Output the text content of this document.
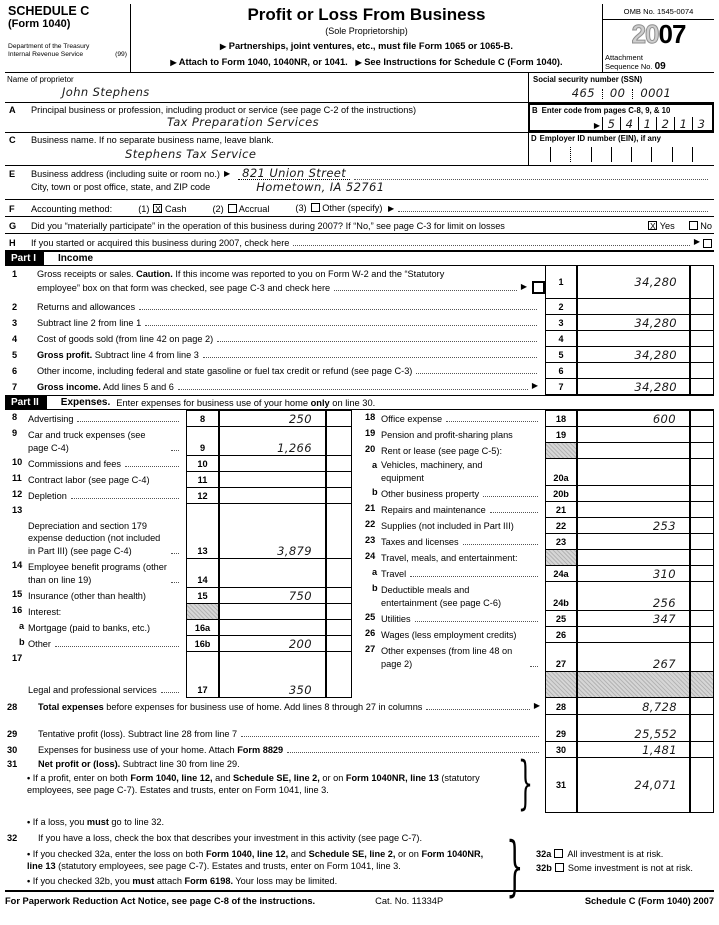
SCHEDULE C
(Form 1040)
Department of the Treasury
Internal Revenue Service	(99)
Profit or Loss From Business
(Sole Proprietorship)
▶ Partnerships, joint ventures, etc., must file Form 1065 or 1065-B.
▶ Attach to Form 1040, 1040NR, or 1041. ▶ See Instructions for Schedule C (Form 1040).
OMB No. 1545-0074
2007
Attachment
Sequence No. 09
Name of proprietor
John Stephens
Social security number (SSN)
465 00 0001
A Principal business or profession, including product or service (see page C-2 of the instructions)
Tax Preparation Services
B Enter code from pages C-8, 9, & 10
▶
5 4 1 2 1 3
C Business name. If no separate business name, leave blank.
Stephens Tax Service
D Employer ID number (EIN), if any
E	Business address (including suite or room no.) ▶	821 Union Street
City, town or post office, state, and ZIP code	Hometown, IA 52761
F	Accounting method:	(1) X Cash	(2) Accrual	(3) Other (specify) ▶
G	Did you “materially participate” in the operation of this business during 2007? If “No,” see page C-3 for limit on losses X	Yes	No
H	If you started or acquired this business during 2007, check here
▶
Part I	Income
1	Gross receipts or sales. Caution. If this income was reported to you on Form W-2 and the “Statutory
employee” box on that form was checked, see page C-3 and check here
▶
1	34,280
2	Returns and allowances	2
3	Subtract line 2 from line 1	3	34,280
4	Cost of goods sold (from line 42 on page 2)	4
5	Gross profit. Subtract line 4 from line 3	5	34,280
6	Other income, including federal and state gasoline or fuel tax credit or refund (see page C-3)	6
7	Gross income. Add lines 5 and 6 ▶	7	34,280
Part II	Expenses. Enter expenses for business use of your home only on line 30.
8	Advertising	8	250
9	Car and truck expenses (see page C-4)	9	1,266
10 Commissions and fees	10
11 Contract labor (see page C-4)	11
12 Depletion	12
13
Depreciation and section 179 expense deduction (not included in Part III) (see page C-4)	13	3,879
14 Employee benefit programs (other than on line 19)	14
15 Insurance (other than health)	15	750
16 Interest:
a Mortgage (paid to banks, etc.)	16a
b Other	16b	200
17
Legal and professional services	17	350
18 Office expense	18	600
19 Pension and profit-sharing plans	19
20 Rent or lease (see page C-5):
a Vehicles, machinery, and equipment	20a
b Other business property	20b
21 Repairs and maintenance	21
22 Supplies (not included in Part III)	22	253
23 Taxes and licenses	23
24 Travel, meals, and entertainment:
a Travel	24a	310
b Deductible meals and entertainment (see page C-6)	24b	256
25 Utilities	25	347
26 Wages (less employment credits)	26
27 Other expenses (from line 48 on page 2)	27	267
28	Total expenses before expenses for business use of home. Add lines 8 through 27 in columns ▶	28	8,728
29	Tentative profit (loss). Subtract line 28 from line 7	29	25,552
30	Expenses for business use of your home. Attach Form 8829	30	1,481
31 Net profit or (loss). Subtract line 30 from line 29.
• If a profit, enter on both Form 1040, line 12, and Schedule SE, line 2, or on Form 1040NR, line 13 (statutory employees, see page C-7). Estates and trusts, enter on Form 1041, line 3.	}	31	24,071
• If a loss, you must go to line 32.
32 If you have a loss, check the box that describes your investment in this activity (see page C-7).
• If you checked 32a, enter the loss on both Form 1040, line 12, and Schedule SE, line 2, or on Form 1040NR, line 13 (statutory employees, see page C-7). Estates and trusts, enter on Form 1041, line 3.
• If you checked 32b, you must attach Form 6198. Your loss may be limited.	} 32a All investment is at risk.
32b Some investment is not at risk.
For Paperwork Reduction Act Notice, see page C-8 of the instructions.	Cat. No. 11334P	Schedule C (Form 1040) 2007
